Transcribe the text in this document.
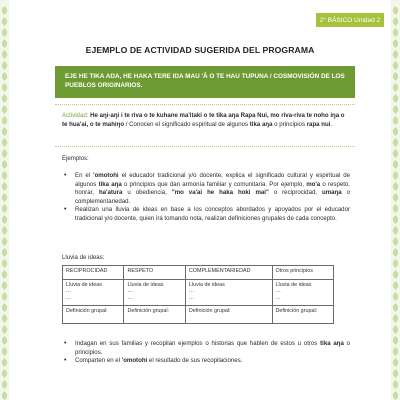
2° BÁSICO Unidad 2
EJEMPLO DE ACTIVIDAD SUGERIDA DEL PROGRAMA
EJE HE TIKA AŊA, HE HAKA TERE IŊA MAU 'Ā O TE HAU TUPUNA / COSMOVISIÓN DE LOS PUEBLOS ORIGINARIOS.
Actividad: He aŋi-aŋi i te riva o te kuhane ma'itaki o te tika aŋa Rapa Nui, mo riva-riva te noho iŋa o te hua'ai, o te mahiŋo / Conocen el significado espiritual de algunos tika aŋa o principios rapa nui.
Ejemplos:
• En el 'omotohi el educador tradicional y/o docente, explica el significado cultural y espiritual de algunos tika aŋa o principios que dan armonía familiar y comunitaria. Por ejemplo, mo'a o respeto, honrar, ha'atura u obediencia, "mo va'ai he haka hoki mai" o reciprocidad, umaŋa o complementariedad.
• Realizan una lluvia de ideas en base a los conceptos abordados y apoyados por el educador tradicional y/o docente, quien irá tomando nota, realizan definiciones grupales de cada concepto.
Lluvia de ideas:
RECIPROCIDAD	RESPETO	COMPLEMENTARIEDAD	Otros principios
Lluvia de ideas
…
…	Lluvia de ideas
…
…	Lluvia de ideas
…
…	Lluvia de ideas
…
…
Definición grupal:	Definición grupal:	Definición grupal:	Definición grupal:
• Indagan en sus familias y recopilan ejemplos o historias que hablen de estos u otros tika aŋa o principios.
• Comparten en el 'omotohi el resultado de sus recopilaciones.
